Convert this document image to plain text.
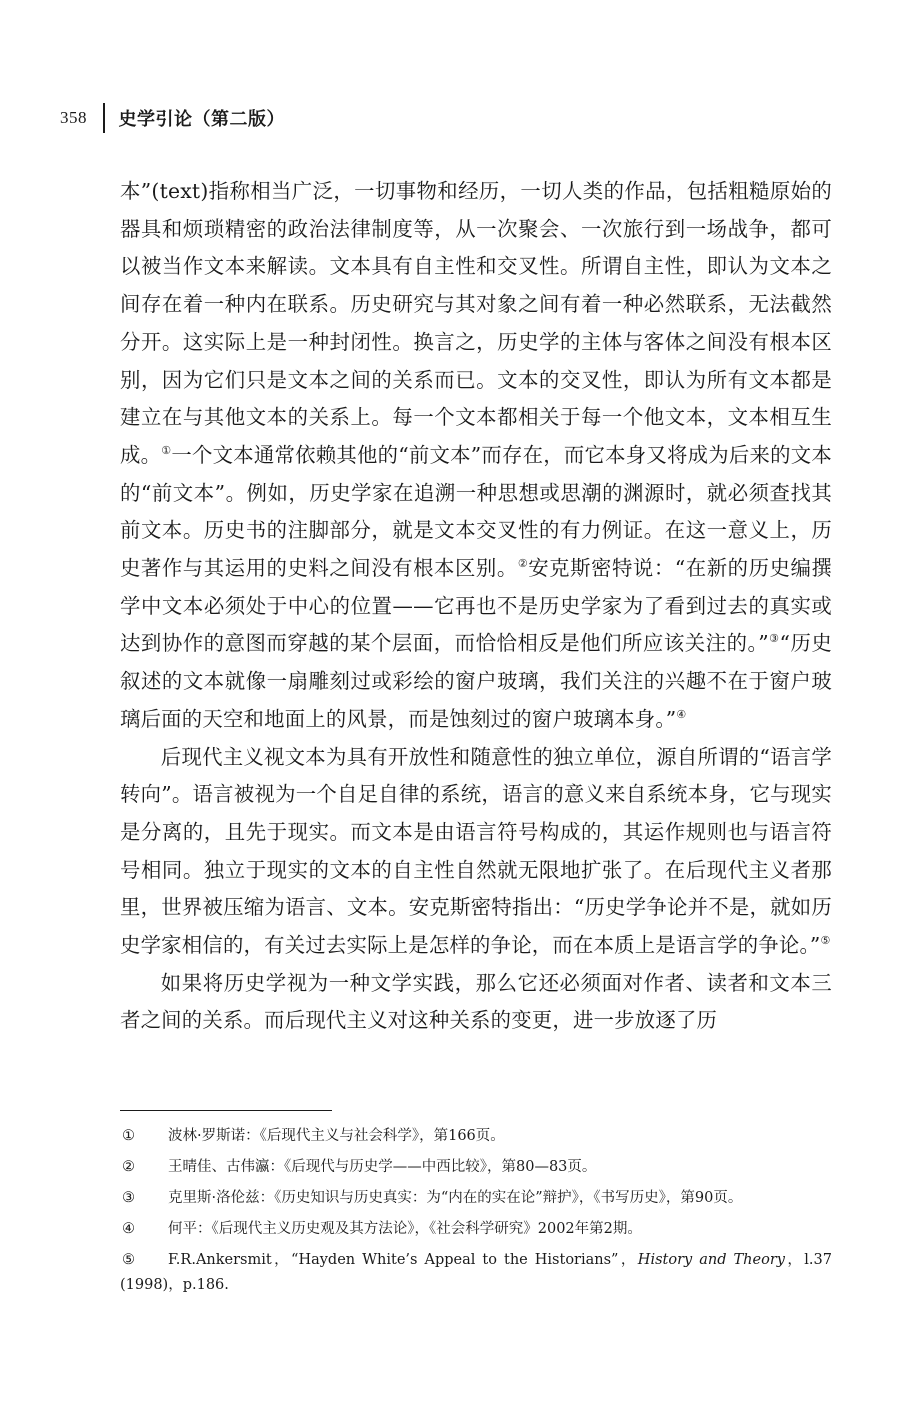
358 史学引论（第二版）

本”(text)指称相当广泛，一切事物和经历，一切人类的作品，包括粗糙原始的器具和烦琐精密的政治法律制度等，从一次聚会、一次旅行到一场战争，都可以被当作文本来解读。文本具有自主性和交叉性。所谓自主性，即认为文本之间存在着一种内在联系。历史研究与其对象之间有着一种必然联系，无法截然分开。这实际上是一种封闭性。换言之，历史学的主体与客体之间没有根本区别，因为它们只是文本之间的关系而已。文本的交叉性，即认为所有文本都是建立在与其他文本的关系上。每一个文本都相关于每一个他文本，文本相互生成。①一个文本通常依赖其他的“前文本”而存在，而它本身又将成为后来的文本的“前文本”。例如，历史学家在追溯一种思想或思潮的渊源时，就必须查找其前文本。历史书的注脚部分，就是文本交叉性的有力例证。在这一意义上，历史著作与其运用的史料之间没有根本区别。②安克斯密特说：“在新的历史编撰学中文本必须处于中心的位置——它再也不是历史学家为了看到过去的真实或达到协作的意图而穿越的某个层面，而恰恰相反是他们所应该关注的。”③“历史叙述的文本就像一扇雕刻过或彩绘的窗户玻璃，我们关注的兴趣不在于窗户玻璃后面的天空和地面上的风景，而是蚀刻过的窗户玻璃本身。”④

后现代主义视文本为具有开放性和随意性的独立单位，源自所谓的“语言学转向”。语言被视为一个自足自律的系统，语言的意义来自系统本身，它与现实是分离的，且先于现实。而文本是由语言符号构成的，其运作规则也与语言符号相同。独立于现实的文本的自主性自然就无限地扩张了。在后现代主义者那里，世界被压缩为语言、文本。安克斯密特指出：“历史学争论并不是，就如历史学家相信的，有关过去实际上是怎样的争论，而在本质上是语言学的争论。”⑤

如果将历史学视为一种文学实践，那么它还必须面对作者、读者和文本三者之间的关系。而后现代主义对这种关系的变更，进一步放逐了历

① 波林·罗斯诺：《后现代主义与社会科学》，第166页。
② 王晴佳、古伟瀛：《后现代与历史学——中西比较》，第80—83页。
③ 克里斯·洛伦兹：《历史知识与历史真实：为“内在的实在论”辩护》，《书写历史》，第90页。
④ 何平：《后现代主义历史观及其方法论》，《社会科学研究》2002年第2期。
⑤ F.R.Ankersmit，“Hayden White’s Appeal to the Historians”，History and Theory，l.37 (1998)，p.186.
